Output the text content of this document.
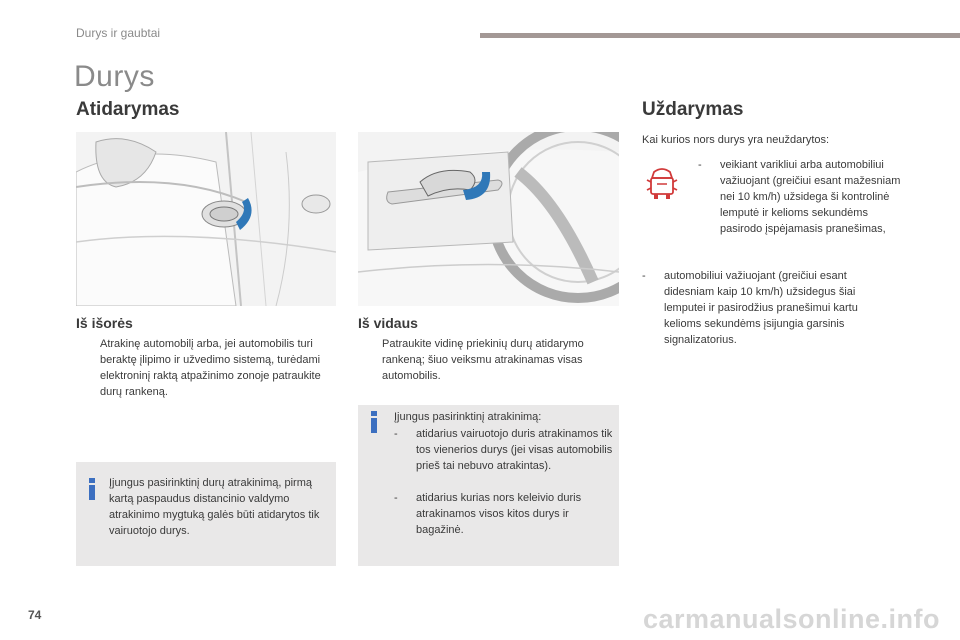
Durys ir gaubtai
Durys
Atidarymas
Iš išorės
Atrakinę automobilį arba, jei automobilis turi beraktę įlipimo ir užvedimo sistemą, turėdami elektroninį raktą atpažinimo zonoje patraukite durų rankeną.
Įjungus pasirinktinį durų atrakinimą, pirmą kartą paspaudus distancinio valdymo atrakinimo mygtuką galės būti atidarytos tik vairuotojo durys.
Iš vidaus
Patraukite vidinę priekinių durų atidarymo rankeną; šiuo veiksmu atrakinamas visas automobilis.
Įjungus pasirinktinį atrakinimą:
-	atidarius vairuotojo duris atrakinamos tik tos vienerios durys (jei visas automobilis prieš tai nebuvo atrakintas).
-	atidarius kurias nors keleivio duris atrakinamos visos kitos durys ir bagažinė.
Uždarymas
Kai kurios nors durys yra neuždarytos:
-	veikiant varikliui arba automobiliui važiuojant (greičiui esant mažesniam nei 10 km/h) užsidega ši kontrolinė lemputė ir kelioms sekundėms pasirodo įspėjamasis pranešimas,
-	automobiliui važiuojant (greičiui esant didesniam kaip 10 km/h) užsidegus šiai lemputei ir pasirodžius pranešimui kartu kelioms sekundėms įsijungia garsinis signalizatorius.
74	carmanualsonline.info
